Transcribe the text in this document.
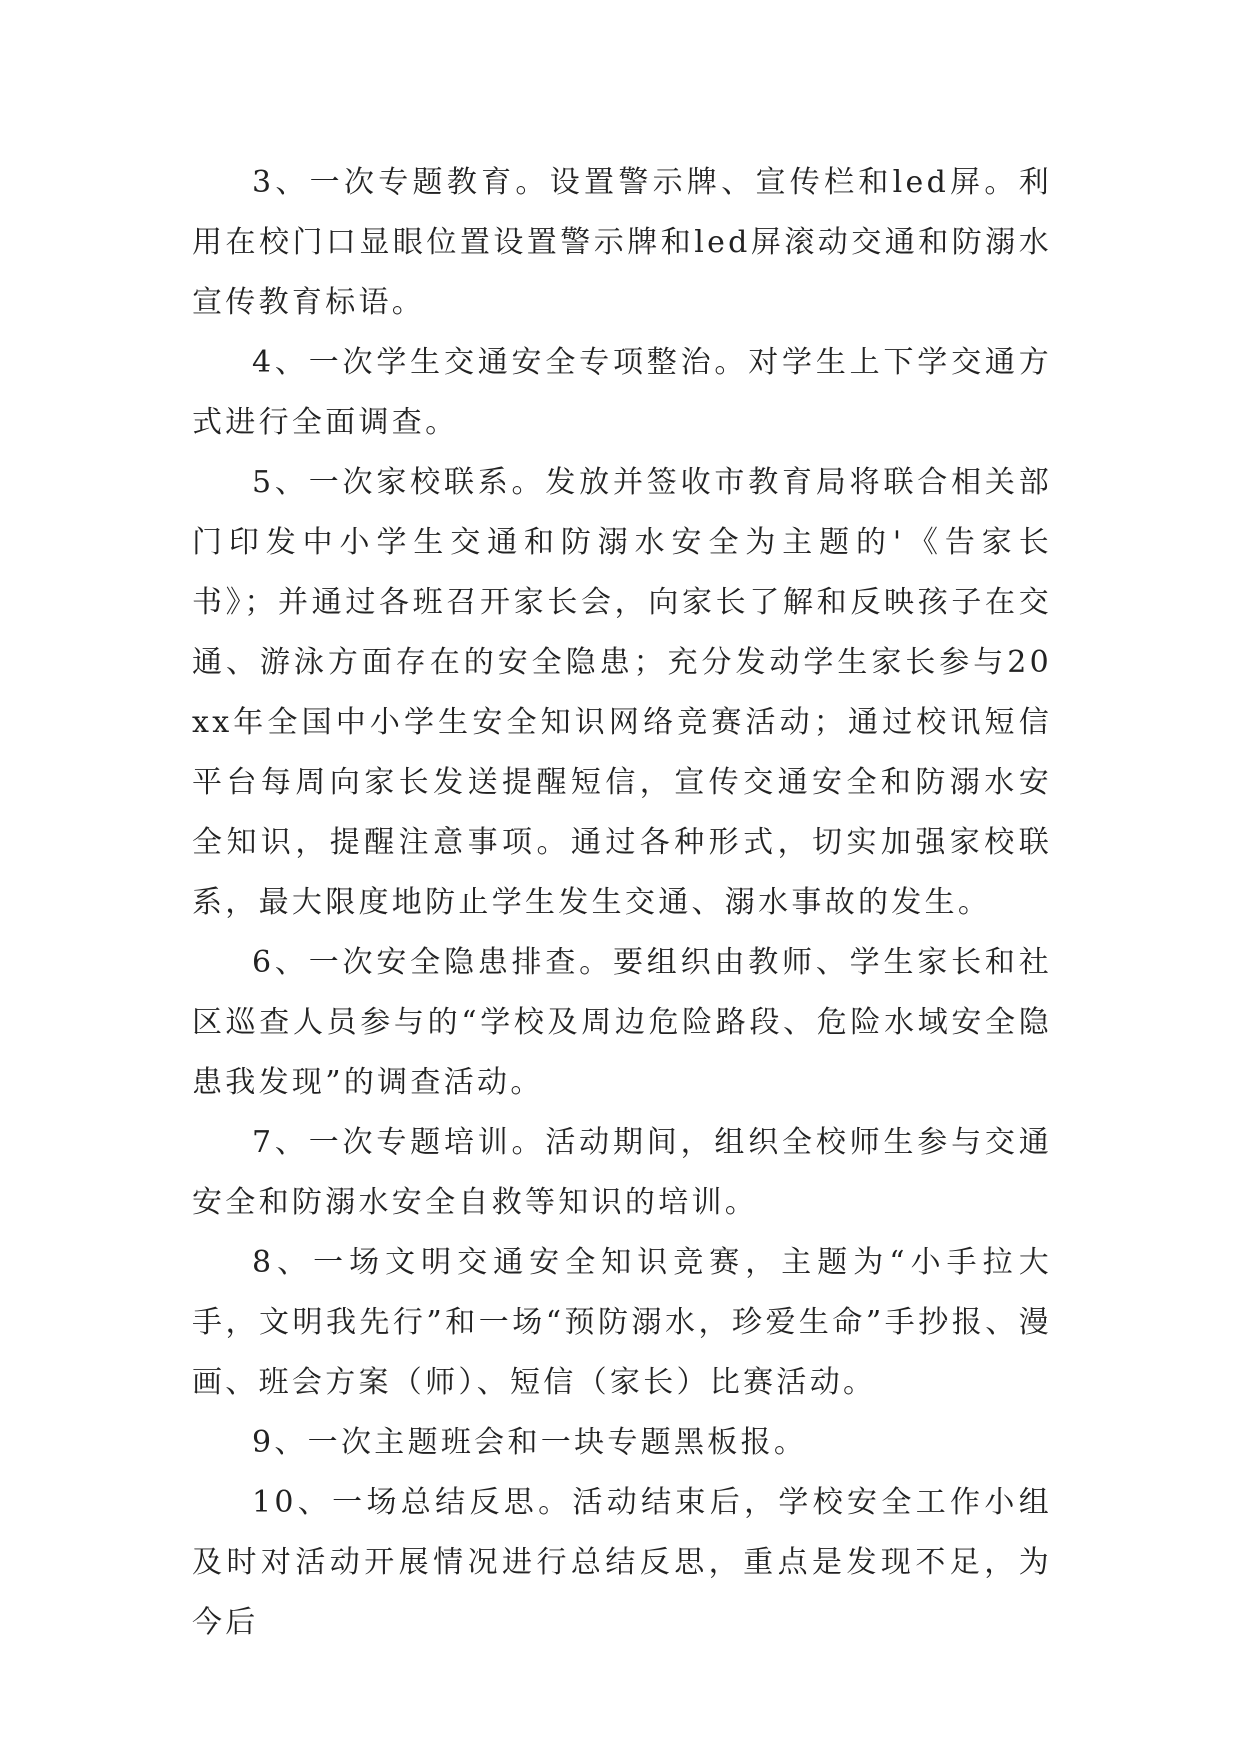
3、一次专题教育。设置警示牌、宣传栏和led屏。利用在校门口显眼位置设置警示牌和led屏滚动交通和防溺水宣传教育标语。

4、一次学生交通安全专项整治。对学生上下学交通方式进行全面调查。

5、一次家校联系。发放并签收市教育局将联合相关部门印发中小学生交通和防溺水安全为主题的'《告家长书》；并通过各班召开家长会，向家长了解和反映孩子在交通、游泳方面存在的安全隐患；充分发动学生家长参与20xx年全国中小学生安全知识网络竞赛活动；通过校讯短信平台每周向家长发送提醒短信，宣传交通安全和防溺水安全知识，提醒注意事项。通过各种形式，切实加强家校联系，最大限度地防止学生发生交通、溺水事故的发生。

6、一次安全隐患排查。要组织由教师、学生家长和社区巡查人员参与的“学校及周边危险路段、危险水域安全隐患我发现”的调查活动。

7、一次专题培训。活动期间，组织全校师生参与交通安全和防溺水安全自救等知识的培训。

8、一场文明交通安全知识竞赛，主题为“小手拉大手，文明我先行”和一场“预防溺水，珍爱生命”手抄报、漫画、班会方案（师）、短信（家长）比赛活动。

9、一次主题班会和一块专题黑板报。

10、一场总结反思。活动结束后，学校安全工作小组及时对活动开展情况进行总结反思，重点是发现不足，为今后
